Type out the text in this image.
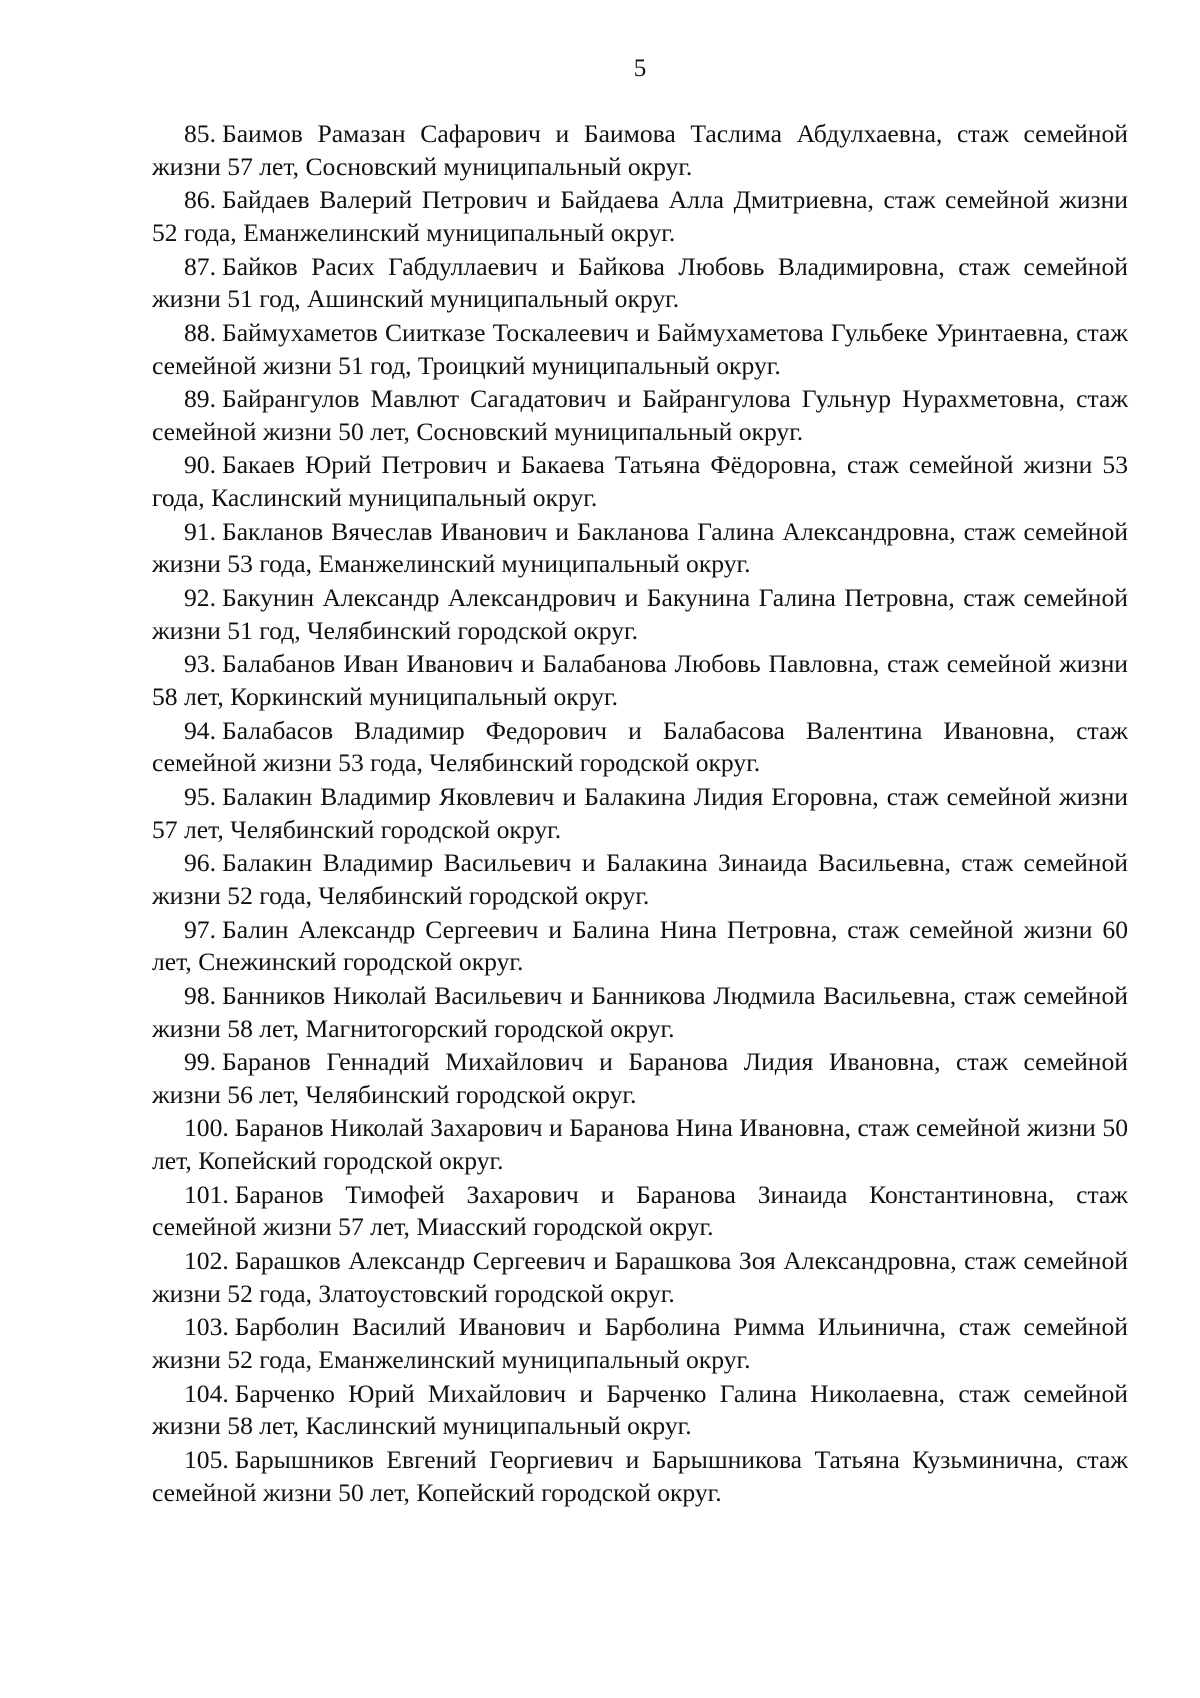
5

85. Баимов Рамазан Сафарович и Баимова Таслима Абдулхаевна, стаж семейной жизни 57 лет, Сосновский муниципальный округ.

86. Байдаев Валерий Петрович и Байдаева Алла Дмитриевна, стаж семейной жизни 52 года, Еманжелинский муниципальный округ.

87. Байков Расих Габдуллаевич и Байкова Любовь Владимировна, стаж семейной жизни 51 год, Ашинский муниципальный округ.

88. Баймухаметов Сиитказе Тоскалеевич и Баймухаметова Гульбеке Уринтаевна, стаж семейной жизни 51 год, Троицкий муниципальный округ.

89. Байрангулов Мавлют Сагадатович и Байрангулова Гульнур Нурахметовна, стаж семейной жизни 50 лет, Сосновский муниципальный округ.

90. Бакаев Юрий Петрович и Бакаева Татьяна Фёдоровна, стаж семейной жизни 53 года, Каслинский муниципальный округ.

91. Бакланов Вячеслав Иванович и Бакланова Галина Александровна, стаж семейной жизни 53 года, Еманжелинский муниципальный округ.

92. Бакунин Александр Александрович и Бакунина Галина Петровна, стаж семейной жизни 51 год, Челябинский городской округ.

93. Балабанов Иван Иванович и Балабанова Любовь Павловна, стаж семейной жизни 58 лет, Коркинский муниципальный округ.

94. Балабасов Владимир Федорович и Балабасова Валентина Ивановна, стаж семейной жизни 53 года, Челябинский городской округ.

95. Балакин Владимир Яковлевич и Балакина Лидия Егоровна, стаж семейной жизни 57 лет, Челябинский городской округ.

96. Балакин Владимир Васильевич и Балакина Зинаида Васильевна, стаж семейной жизни 52 года, Челябинский городской округ.

97. Балин Александр Сергеевич и Балина Нина Петровна, стаж семейной жизни 60 лет, Снежинский городской округ.

98. Банников Николай Васильевич и Банникова Людмила Васильевна, стаж семейной жизни 58 лет, Магнитогорский городской округ.

99. Баранов Геннадий Михайлович и Баранова Лидия Ивановна, стаж семейной жизни 56 лет, Челябинский городской округ.

100. Баранов Николай Захарович и Баранова Нина Ивановна, стаж семейной жизни 50 лет, Копейский городской округ.

101. Баранов Тимофей Захарович и Баранова Зинаида Константиновна, стаж семейной жизни 57 лет, Миасский городской округ.

102. Барашков Александр Сергеевич и Барашкова Зоя Александровна, стаж семейной жизни 52 года, Златоустовский городской округ.

103. Барболин Василий Иванович и Барболина Римма Ильинична, стаж семейной жизни 52 года, Еманжелинский муниципальный округ.

104. Барченко Юрий Михайлович и Барченко Галина Николаевна, стаж семейной жизни 58 лет, Каслинский муниципальный округ.

105. Барышников Евгений Георгиевич и Барышникова Татьяна Кузьминична, стаж семейной жизни 50 лет, Копейский городской округ.
